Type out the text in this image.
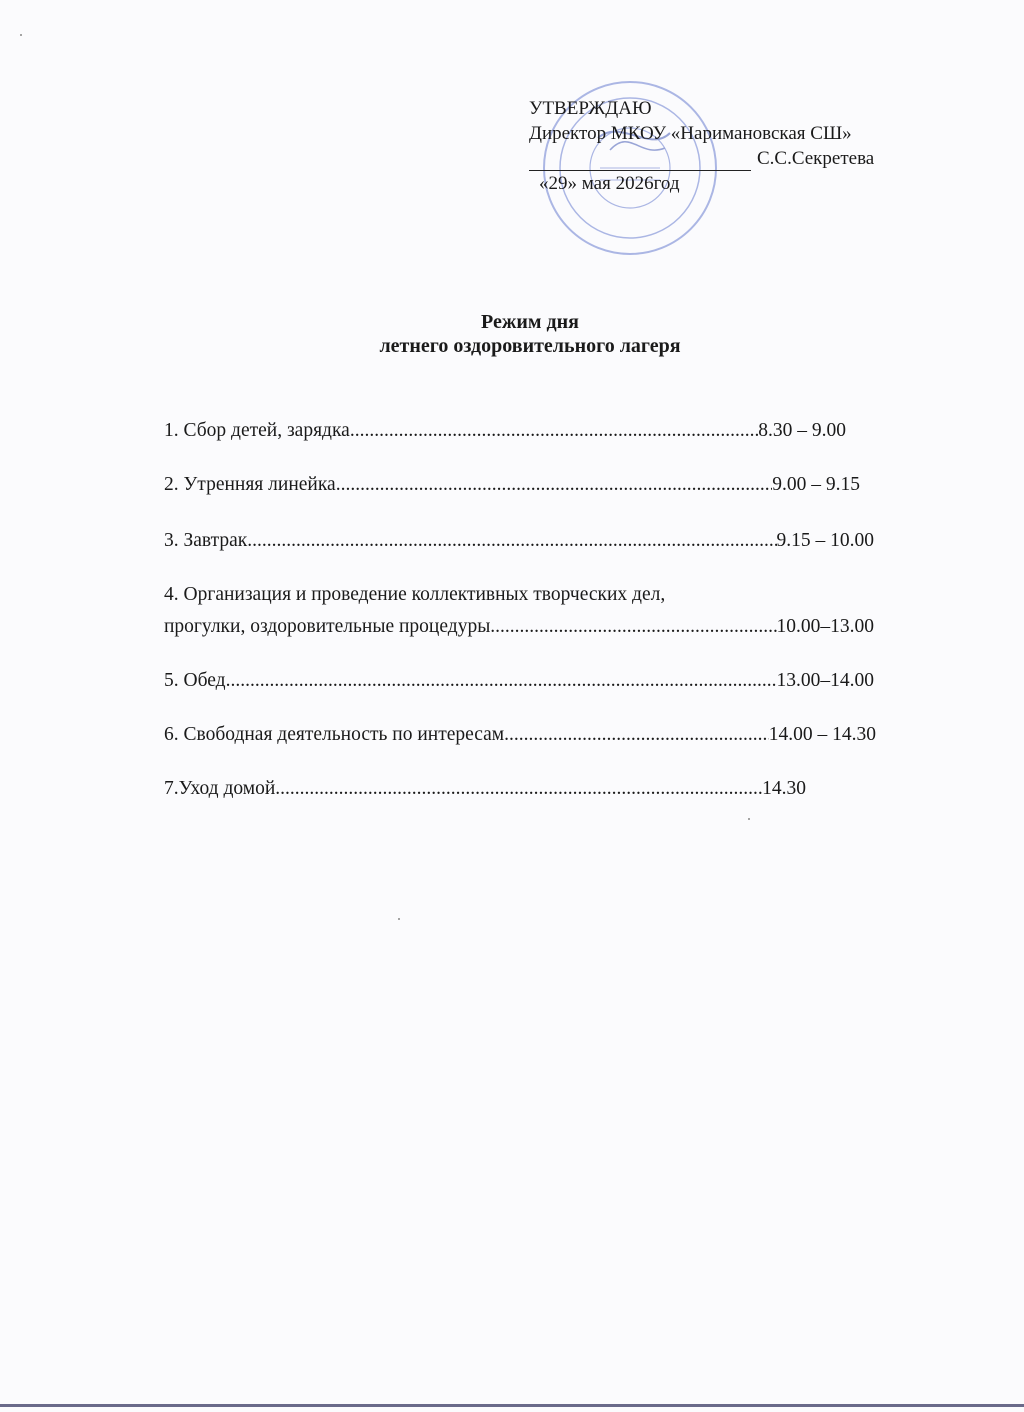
УТВЕРЖДАЮ
Директор МКОУ «Наримановская СШ»
С.С.Секретева
«29» мая 2026год
Режим дня
летнего оздоровительного лагеря
1. Сбор детей, зарядка .....	8.30 – 9.00
2. Утренняя линейка .....	9.00 – 9.15
3. Завтрак .....	9.15 – 10.00
4. Организация и проведение коллективных творческих дел,
прогулки, оздоровительные процедуры .....	10.00–13.00
5. Обед .....	13.00–14.00
6. Свободная деятельность по интересам .....	14.00 – 14.30
7.Уход домой .....	14.30
